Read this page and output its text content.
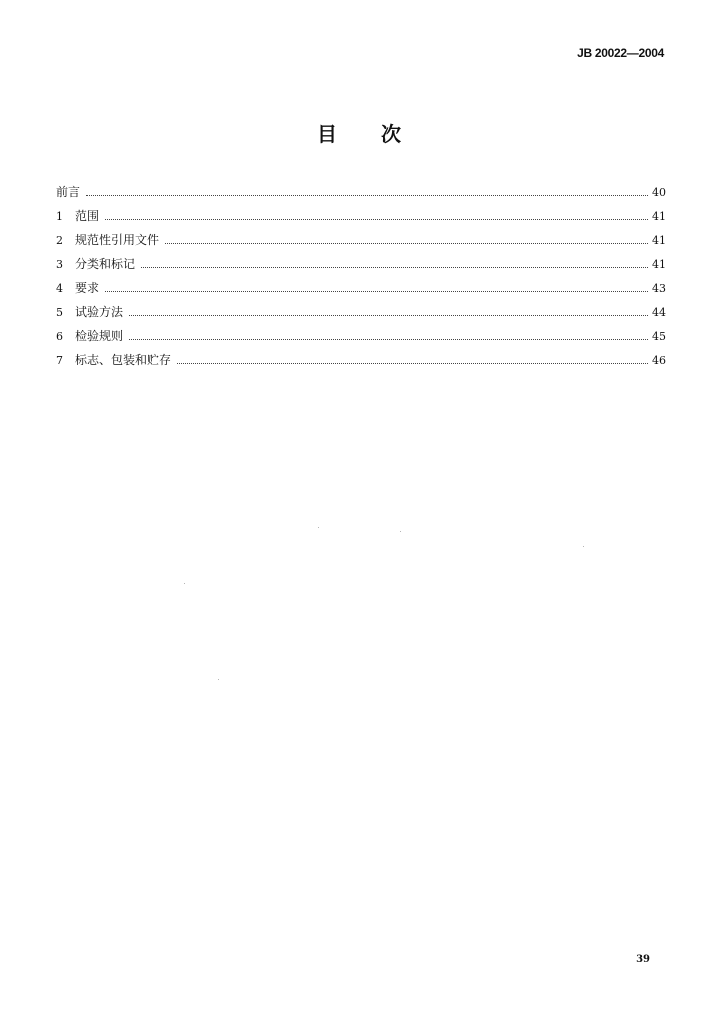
JB 20022—2004
目 次
前言	40
1	范围	41
2	规范性引用文件	41
3	分类和标记	41
4	要求	43
5	试验方法	44
6	检验规则	45
7	标志、包装和贮存	46
39
